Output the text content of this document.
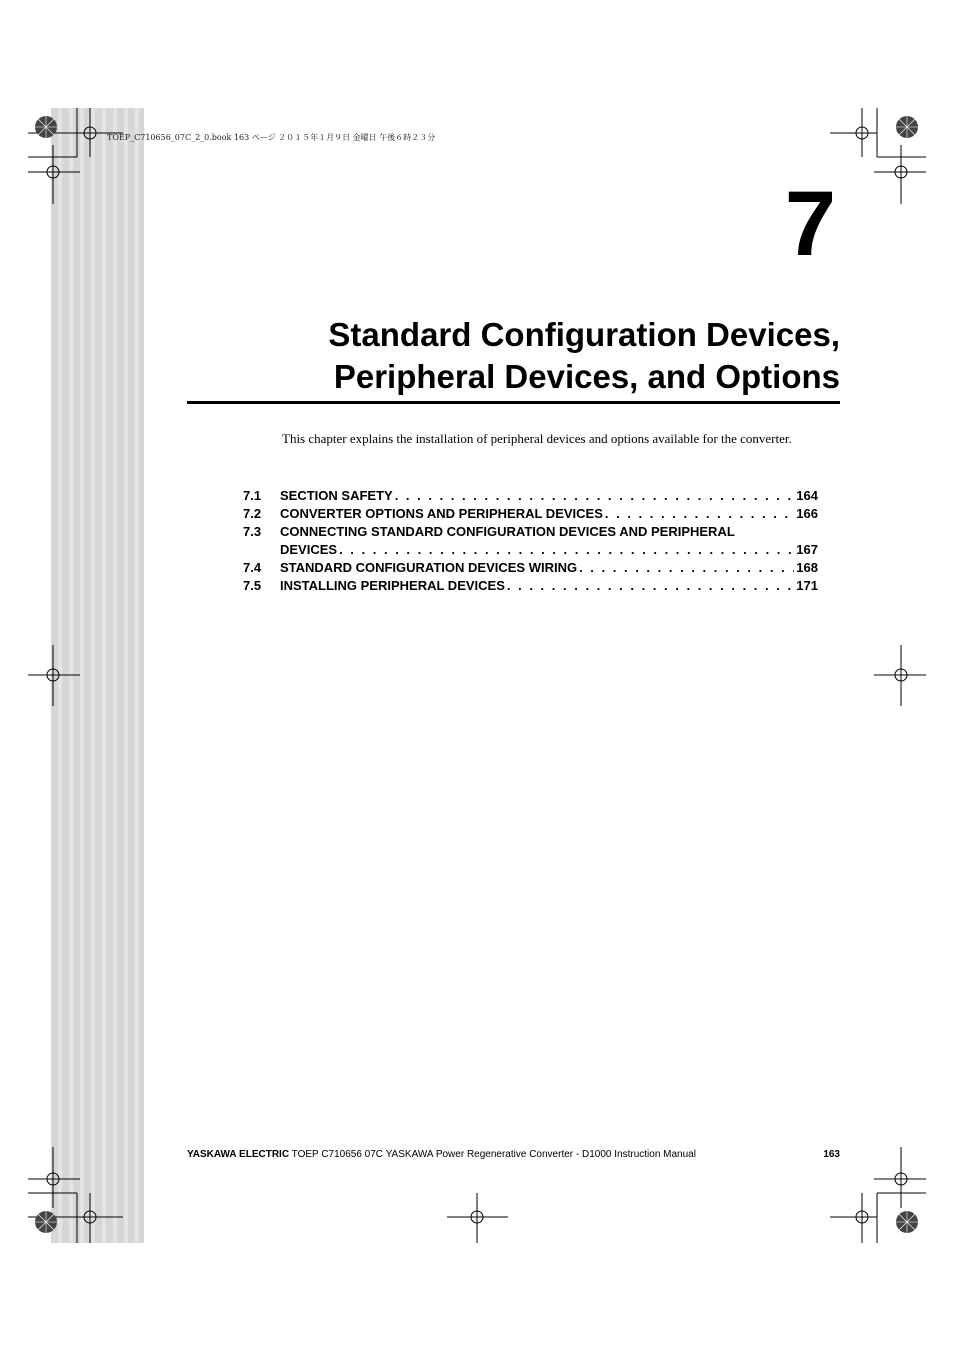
TOEP_C710656_07C_2_0.book 163 ページ ２０１５年１月９日 金曜日 午後６時２３分
7
Standard Configuration Devices,
Peripheral Devices, and Options
This chapter explains the installation of peripheral devices and options available for the converter.
7.1	SECTION SAFETY . . .	164
7.2	CONVERTER OPTIONS AND PERIPHERAL DEVICES . . .	166
7.3	CONNECTING STANDARD CONFIGURATION DEVICES AND PERIPHERAL
DEVICES . . .	167
7.4	STANDARD CONFIGURATION DEVICES WIRING . . .	168
7.5	INSTALLING PERIPHERAL DEVICES . . .	171
YASKAWA ELECTRIC TOEP C710656 07C YASKAWA Power Regenerative Converter - D1000 Instruction Manual	163
